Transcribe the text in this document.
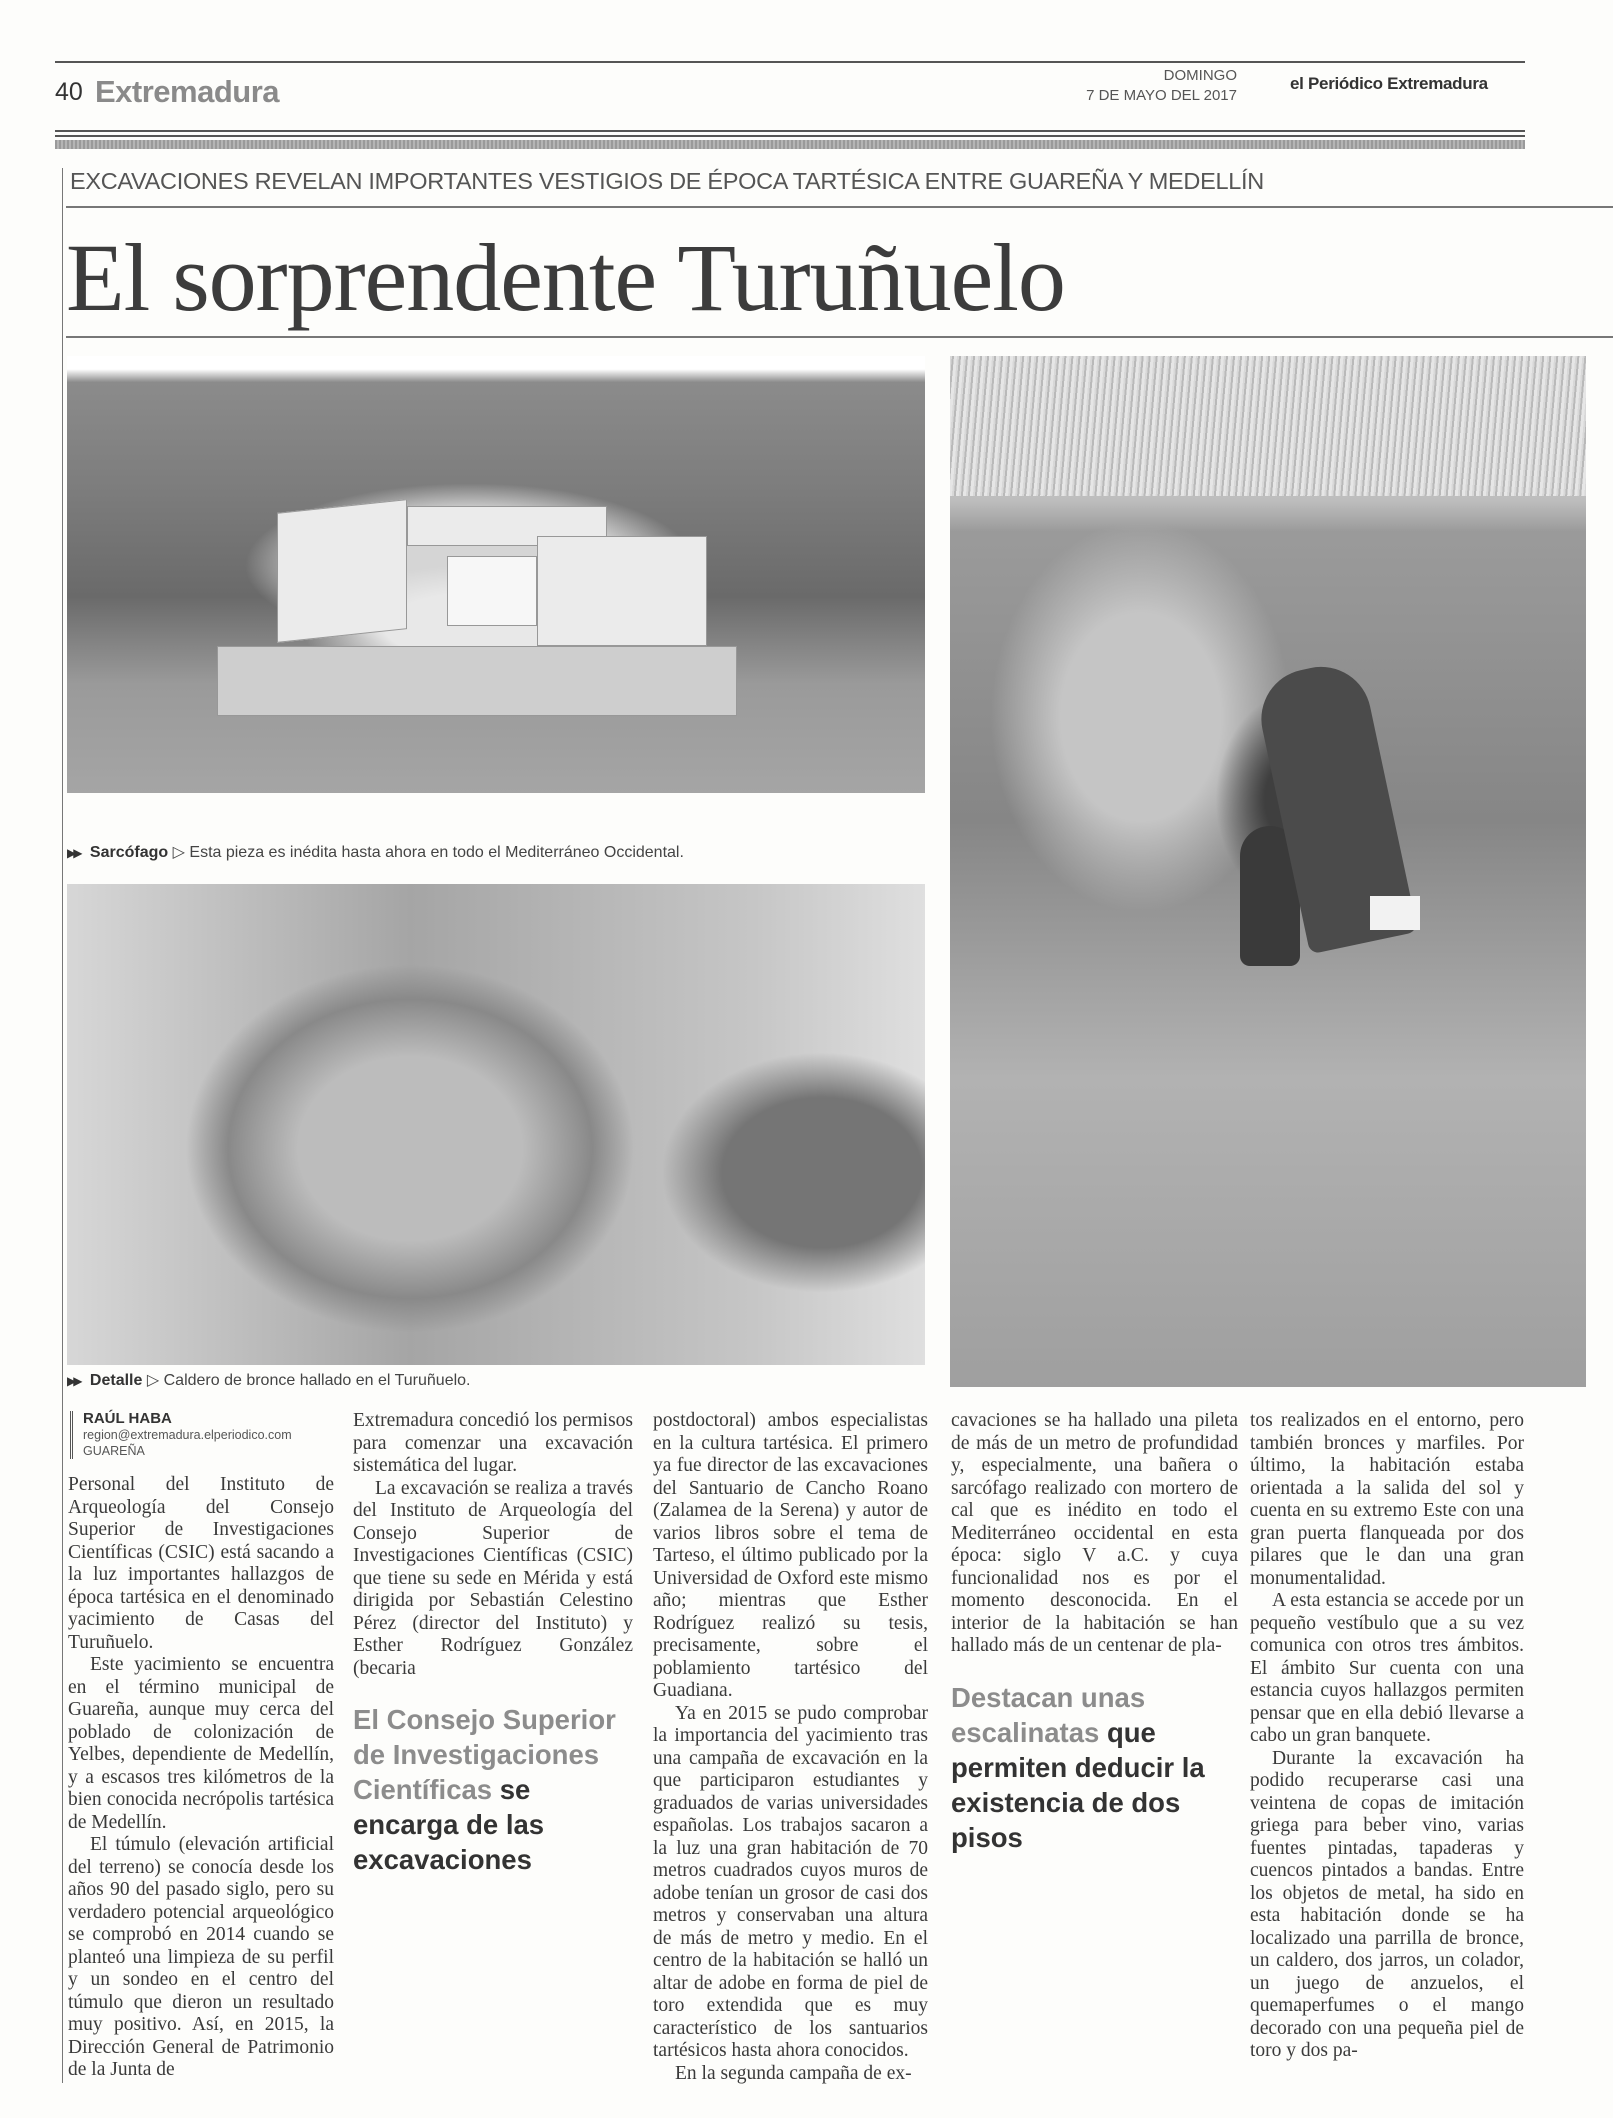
40 Extremadura	DOMINGO
7 DE MAYO DEL 2017
el Periódico Extremadura
EXCAVACIONES REVELAN IMPORTANTES VESTIGIOS DE ÉPOCA TARTÉSICA ENTRE GUAREÑA Y MEDELLÍN
El sorprendente Turuñuelo
▶▶ Sarcófago ▷ Esta pieza es inédita hasta ahora en todo el Mediterráneo Occidental.
▶▶ Detalle ▷ Caldero de bronce hallado en el Turuñuelo.
RAÚL HABA
region@extremadura.elperiodico.com
GUAREÑA

Personal del Instituto de Arqueología del Consejo Superior de Investigaciones Científicas (CSIC) está sacando a la luz importantes hallazgos de época tartésica en el denominado yacimiento de Casas del Turuñuelo.

Este yacimiento se encuentra en el término municipal de Guareña, aunque muy cerca del poblado de colonización de Yelbes, dependiente de Medellín, y a escasos tres kilómetros de la bien conocida necrópolis tartésica de Medellín.

El túmulo (elevación artificial del terreno) se conocía desde los años 90 del pasado siglo, pero su verdadero potencial arqueológico se comprobó en 2014 cuando se planteó una limpieza de su perfil y un sondeo en el centro del túmulo que dieron un resultado muy positivo. Así, en 2015, la Dirección General de Patrimonio de la Junta de

Extremadura concedió los permisos para comenzar una excavación sistemática del lugar.

La excavación se realiza a través del Instituto de Arqueología del Consejo Superior de Investigaciones Científicas (CSIC) que tiene su sede en Mérida y está dirigida por Sebastián Celestino Pérez (director del Instituto) y Esther Rodríguez González (becaria

El Consejo Superior de Investigaciones Científicas se encarga de las excavaciones

postdoctoral) ambos especialistas en la cultura tartésica. El primero ya fue director de las excavaciones del Santuario de Cancho Roano (Zalamea de la Serena) y autor de varios libros sobre el tema de Tarteso, el último publicado por la Universidad de Oxford este mismo año; mientras que Esther Rodríguez realizó su tesis, precisamente, sobre el poblamiento tartésico del Guadiana.

Ya en 2015 se pudo comprobar la importancia del yacimiento tras una campaña de excavación en la que participaron estudiantes y graduados de varias universidades españolas. Los trabajos sacaron a la luz una gran habitación de 70 metros cuadrados cuyos muros de adobe tenían un grosor de casi dos metros y conservaban una altura de más de metro y medio. En el centro de la habitación se halló un altar de adobe en forma de piel de toro extendida que es muy característico de los santuarios tartésicos hasta ahora conocidos.

En la segunda campaña de ex-

cavaciones se ha hallado una pileta de más de un metro de profundidad y, especialmente, una bañera o sarcófago realizado con mortero de cal que es inédito en todo el Mediterráneo occidental en esta época: siglo V a.C. y cuya funcionalidad nos es por el momento desconocida. En el interior de la habitación se han hallado más de un centenar de pla-

Destacan unas escalinatas que permiten deducir la existencia de dos pisos

tos realizados en el entorno, pero también bronces y marfiles. Por último, la habitación estaba orientada a la salida del sol y cuenta en su extremo Este con una gran puerta flanqueada por dos pilares que le dan una gran monumentalidad.

A esta estancia se accede por un pequeño vestíbulo que a su vez comunica con otros tres ámbitos. El ámbito Sur cuenta con una estancia cuyos hallazgos permiten pensar que en ella debió llevarse a cabo un gran banquete.

Durante la excavación ha podido recuperarse casi una veintena de copas de imitación griega para beber vino, varias fuentes pintadas, tapaderas y cuencos pintados a bandas. Entre los objetos de metal, ha sido en esta habitación donde se ha localizado una parrilla de bronce, un caldero, dos jarros, un colador, un juego de anzuelos, el quemaperfumes o el mango decorado con una pequeña piel de toro y dos pa-
